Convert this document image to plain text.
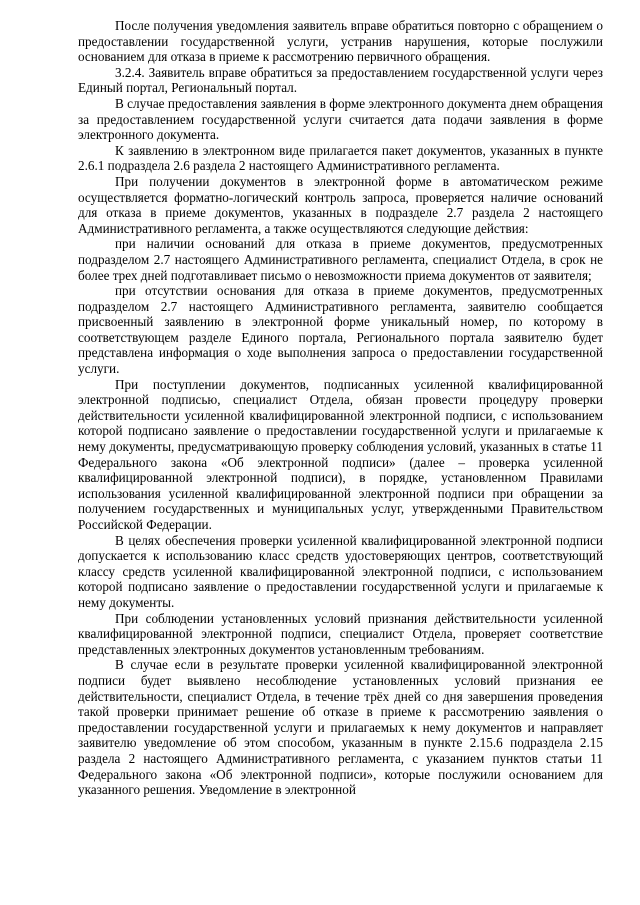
После получения уведомления заявитель вправе обратиться повторно с обращением о предоставлении государственной услуги, устранив нарушения, которые послужили основанием для отказа в приеме к рассмотрению первичного обращения.

3.2.4. Заявитель вправе обратиться за предоставлением государственной услуги через Единый портал, Региональный портал.

В случае предоставления заявления в форме электронного документа днем обращения за предоставлением государственной услуги считается дата подачи заявления в форме электронного документа.

К заявлению в электронном виде прилагается пакет документов, указанных в пункте 2.6.1 подраздела 2.6 раздела 2 настоящего Административного регламента.

При получении документов в электронной форме в автоматическом режиме осуществляется форматно-логический контроль запроса, проверяется наличие оснований для отказа в приеме документов, указанных в подразделе 2.7 раздела 2 настоящего Административного регламента, а также осуществляются следующие действия:

при наличии оснований для отказа в приеме документов, предусмотренных подразделом 2.7 настоящего Административного регламента, специалист Отдела, в срок не более трех дней подготавливает письмо о невозможности приема документов от заявителя;

при отсутствии основания для отказа в приеме документов, предусмотренных подразделом 2.7 настоящего Административного регламента, заявителю сообщается присвоенный заявлению в электронной форме уникальный номер, по которому в соответствующем разделе Единого портала, Регионального портала заявителю будет представлена информация о ходе выполнения запроса о предоставлении государственной услуги.

При поступлении документов, подписанных усиленной квалифицированной электронной подписью, специалист Отдела, обязан провести процедуру проверки действительности усиленной квалифицированной электронной подписи, с использованием которой подписано заявление о предоставлении государственной услуги и прилагаемые к нему документы, предусматривающую проверку соблюдения условий, указанных в статье 11 Федерального закона «Об электронной подписи» (далее – проверка усиленной квалифицированной электронной подписи), в порядке, установленном Правилами использования усиленной квалифицированной электронной подписи при обращении за получением государственных и муниципальных услуг, утвержденными Правительством Российской Федерации.

В целях обеспечения проверки усиленной квалифицированной электронной подписи допускается к использованию класс средств удостоверяющих центров, соответствующий классу средств усиленной квалифицированной электронной подписи, с использованием которой подписано заявление о предоставлении государственной услуги и прилагаемые к нему документы.

При соблюдении установленных условий признания действительности усиленной квалифицированной электронной подписи, специалист Отдела, проверяет соответствие представленных электронных документов установленным требованиям.

В случае если в результате проверки усиленной квалифицированной электронной подписи будет выявлено несоблюдение установленных условий признания ее действительности, специалист Отдела, в течение трёх дней со дня завершения проведения такой проверки принимает решение об отказе в приеме к рассмотрению заявления о предоставлении государственной услуги и прилагаемых к нему документов и направляет заявителю уведомление об этом способом, указанным в пункте 2.15.6 подраздела 2.15 раздела 2 настоящего Административного регламента, с указанием пунктов статьи 11 Федерального закона «Об электронной подписи», которые послужили основанием для указанного решения. Уведомление в электронной
